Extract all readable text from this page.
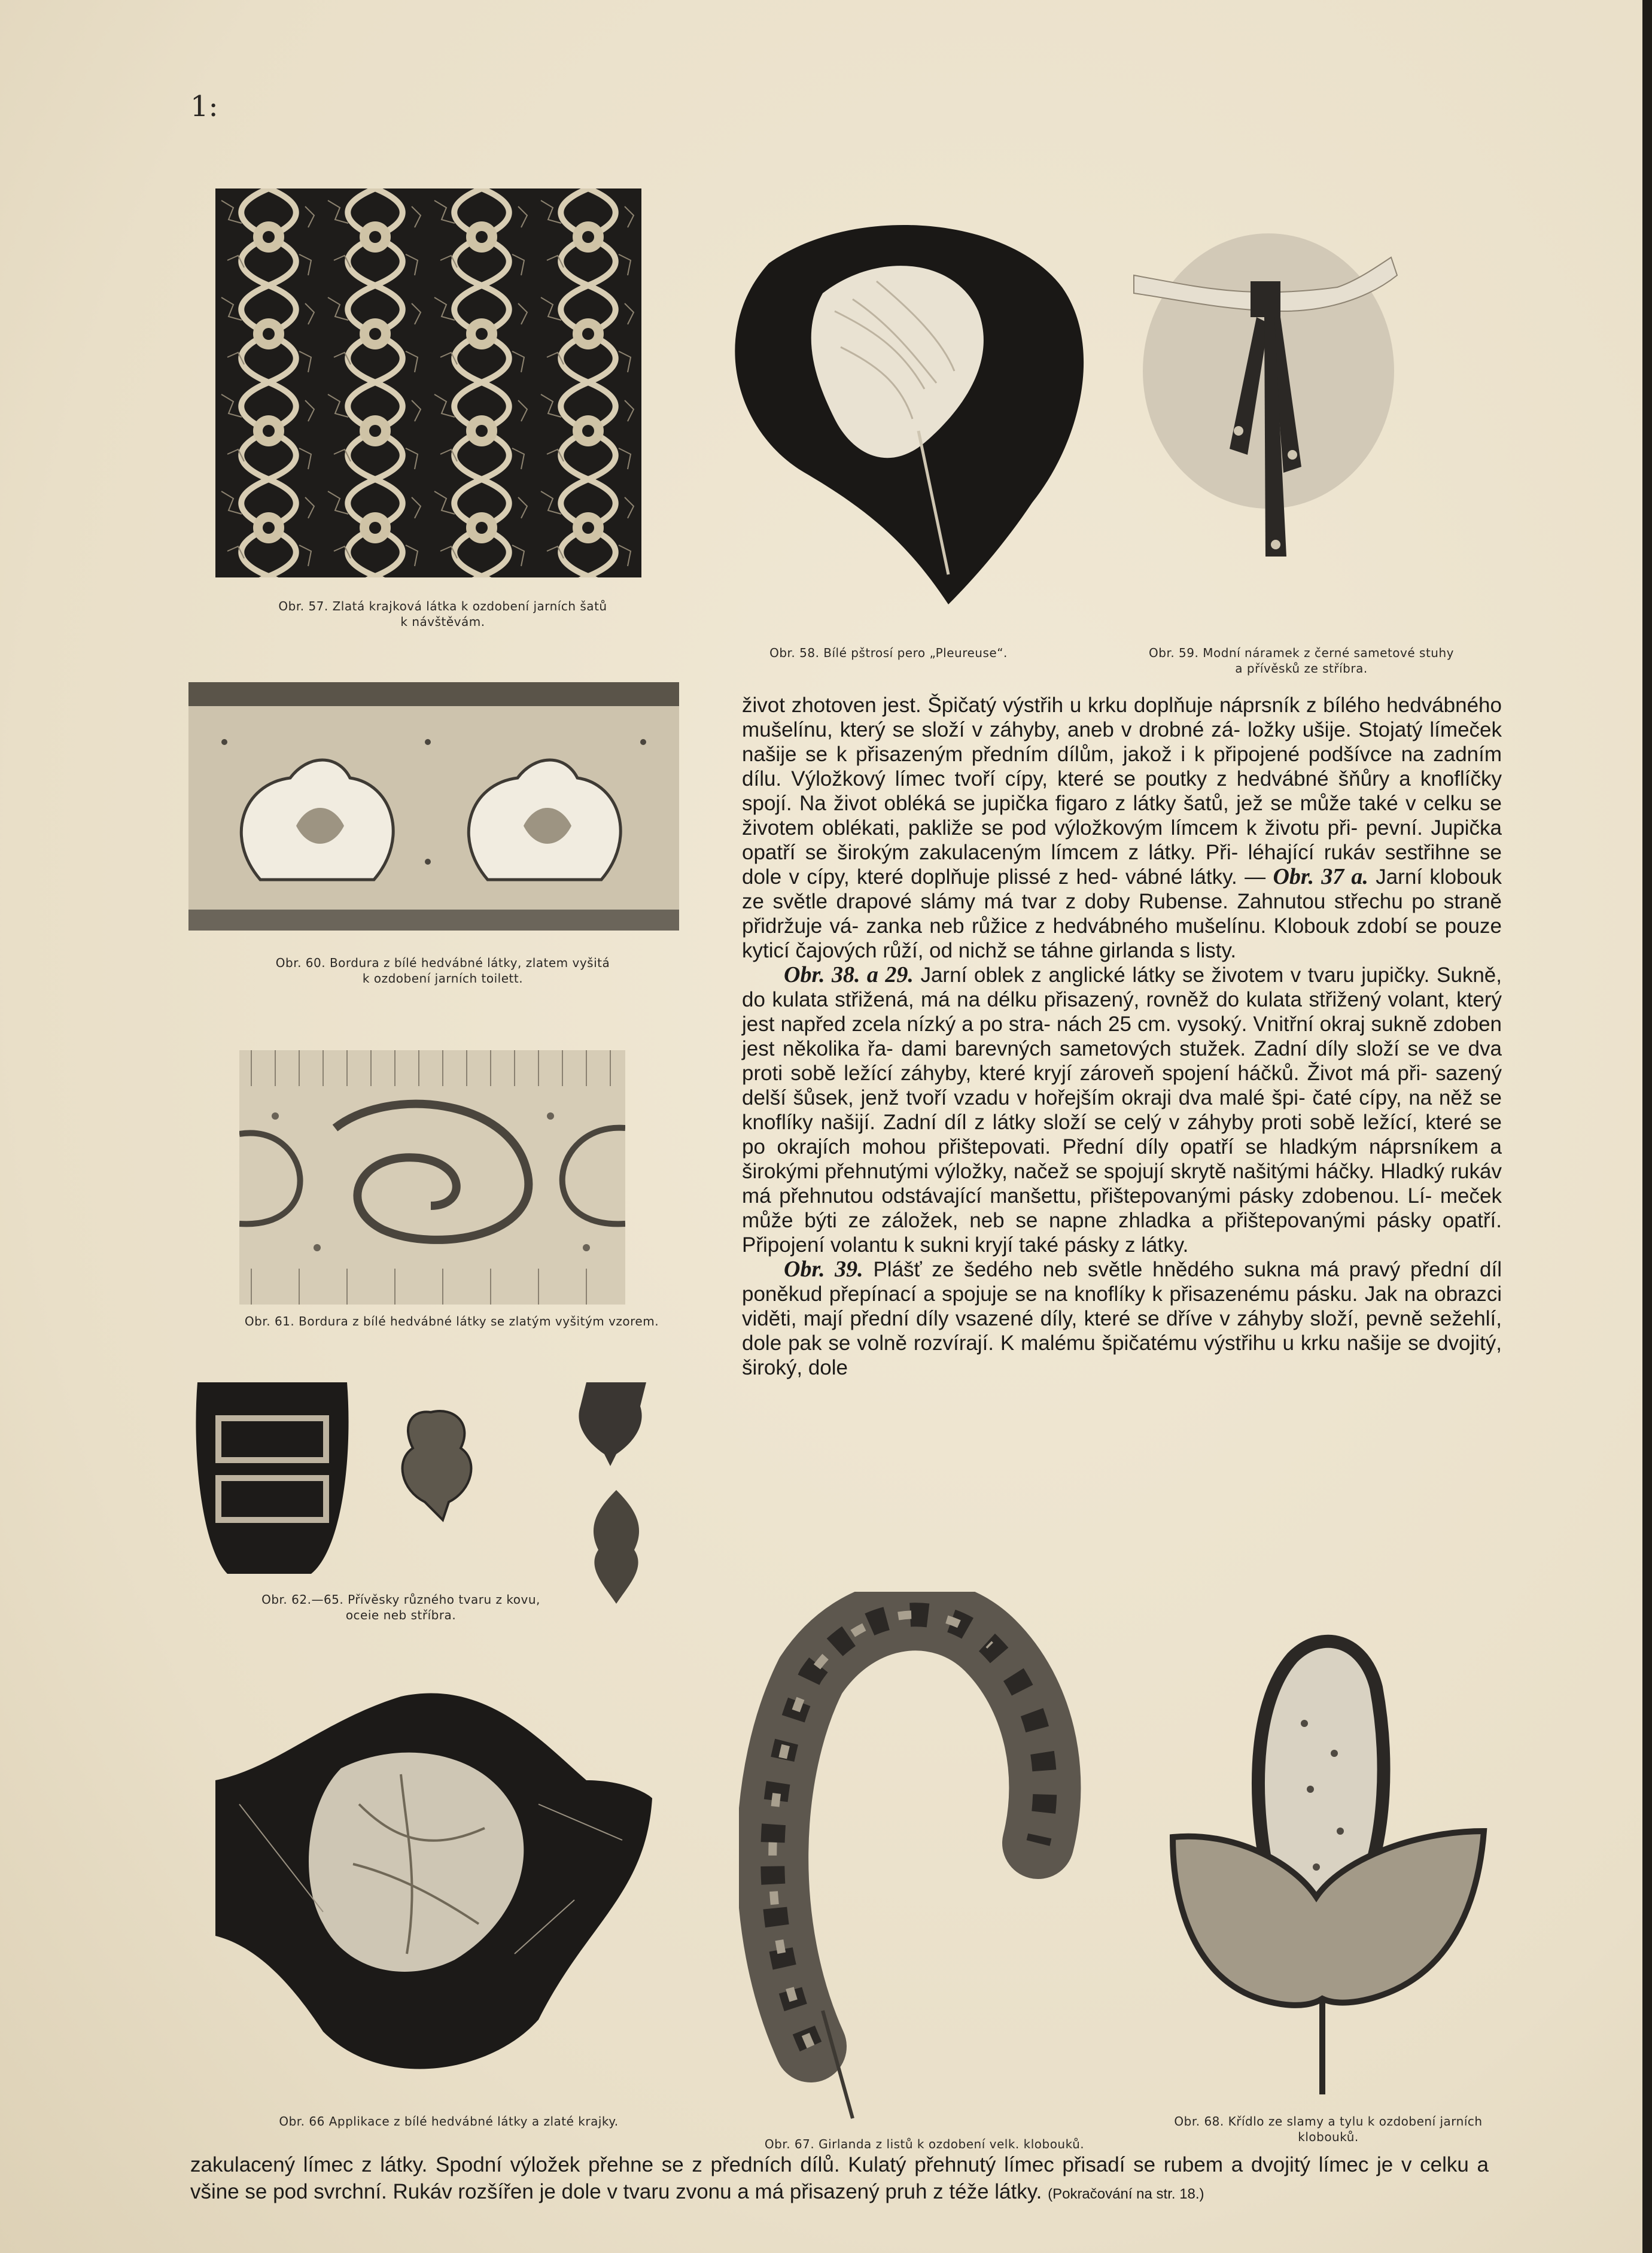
1:
Obr. 57. Zlatá krajková látka k ozdobení jarních šatů
k návštěvám.
Obr. 58. Bílé pštrosí pero „Pleureuse“.	Obr. 59. Modní náramek z černé sametové stuhy
a přívěsků ze stříbra.
Obr. 60. Bordura z bílé hedvábné látky, zlatem vyšitá
k ozdobení jarních toilett.
Obr. 61. Bordura z bílé hedvábné látky se zlatým vyšitým vzorem.
Obr. 62.—65. Přívěsky různého tvaru z kovu,
oceie neb stříbra.
Obr. 66 Applikace z bílé hedvábné látky a zlaté krajky.
Obr. 67. Girlanda z listů k ozdobení velk. klobouků.
Obr. 68. Křídlo ze slamy a tylu k ozdobení jarních klobouků.

život zhotoven jest. Špičatý výstřih u krku doplňuje náprsník z bílého hedvábného mušelínu, který se složí v záhyby, aneb v drobné zá- ložky ušije. Stojatý límeček našije se k přisazeným předním dílům, jakož i k připojené podšívce na zadním dílu. Výložkový límec tvoří cípy, které se poutky z hedvábné šňůry a knoflíčky spojí. Na život obléká se jupička figaro z látky šatů, jež se může také v celku se životem oblékati, pakliže se pod výložkovým límcem k životu při- pevní. Jupička opatří se širokým zakulaceným límcem z látky. Při- léhající rukáv sestřihne se dole v cípy, které doplňuje plissé z hed- vábné látky. — Obr. 37 a. Jarní klobouk ze světle drapové slámy má tvar z doby Rubense. Zahnutou střechu po straně přidržuje vá- zanka neb růžice z hedvábného mušelínu. Klobouk zdobí se pouze kyticí čajových růží, od nichž se táhne girlanda s listy.

Obr. 38. a 29. Jarní oblek z anglické látky se životem v tvaru jupičky. Sukně, do kulata střižená, má na délku přisazený, rovněž do kulata střižený volant, který jest napřed zcela nízký a po stra- nách 25 cm. vysoký. Vnitřní okraj sukně zdoben jest několika řa- dami barevných sametových stužek. Zadní díly složí se ve dva proti sobě ležící záhyby, které kryjí zároveň spojení háčků. Život má při- sazený delší šůsek, jenž tvoří vzadu v hořejším okraji dva malé špi- čaté cípy, na něž se knoflíky našijí. Zadní díl z látky složí se celý v záhyby proti sobě ležící, které se po okrajích mohou přištepovati. Přední díly opatří se hladkým náprsníkem a širokými přehnutými výložky, načež se spojují skrytě našitými háčky. Hladký rukáv má přehnutou odstávající manšettu, přištepovanými pásky zdobenou. Lí- meček může býti ze záložek, neb se napne zhladka a přištepovanými pásky opatří. Připojení volantu k sukni kryjí také pásky z látky.

Obr. 39. Plášť ze šedého neb světle hnědého sukna má pravý přední díl poněkud přepínací a spojuje se na knoflíky k přisazenému pásku. Jak na obrazci viděti, mají přední díly vsazené díly, které se dříve v záhyby složí, pevně sežehlí, dole pak se volně rozvírají. K malému špičatému výstřihu u krku našije se dvojitý, široký, dole

zakulacený límec z látky. Spodní výložek přehne se z předních dílů. Kulatý přehnutý límec přisadí se rubem a dvojitý límec je v celku a všine se pod svrchní. Rukáv rozšířen je dole v tvaru zvonu a má přisazený pruh z téže látky. (Pokračování na str. 18.)
